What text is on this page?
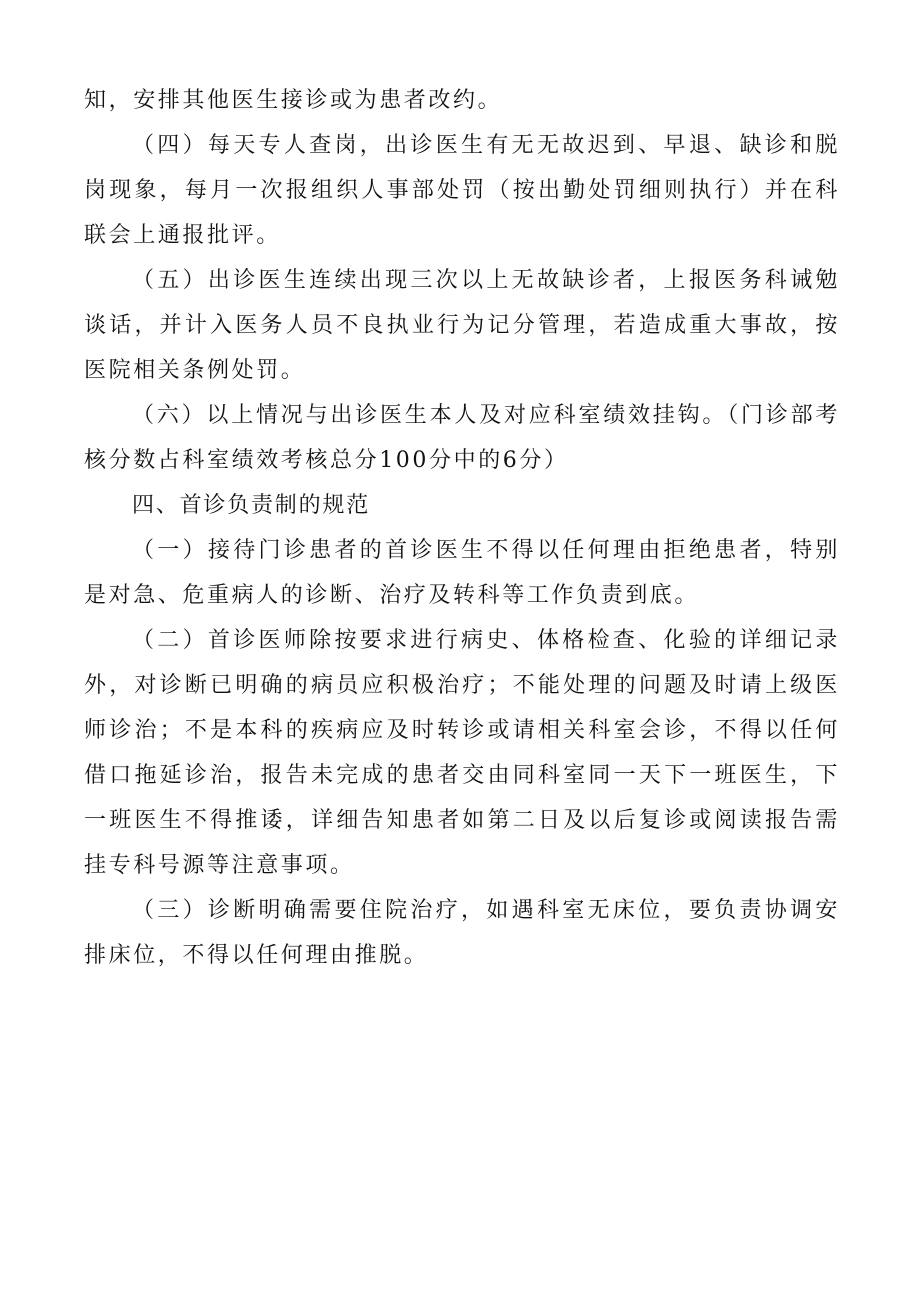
知，安排其他医生接诊或为患者改约。

（四）每天专人查岗，出诊医生有无无故迟到、早退、缺诊和脱岗现象，每月一次报组织人事部处罚（按出勤处罚细则执行）并在科联会上通报批评。

（五）出诊医生连续出现三次以上无故缺诊者，上报医务科诫勉谈话，并计入医务人员不良执业行为记分管理，若造成重大事故，按医院相关条例处罚。

（六）以上情况与出诊医生本人及对应科室绩效挂钩。（门诊部考核分数占科室绩效考核总分100分中的6分）

四、首诊负责制的规范

（一）接待门诊患者的首诊医生不得以任何理由拒绝患者，特别是对急、危重病人的诊断、治疗及转科等工作负责到底。

（二）首诊医师除按要求进行病史、体格检查、化验的详细记录外，对诊断已明确的病员应积极治疗；不能处理的问题及时请上级医师诊治；不是本科的疾病应及时转诊或请相关科室会诊，不得以任何借口拖延诊治，报告未完成的患者交由同科室同一天下一班医生，下一班医生不得推诿，详细告知患者如第二日及以后复诊或阅读报告需挂专科号源等注意事项。

（三）诊断明确需要住院治疗，如遇科室无床位，要负责协调安排床位，不得以任何理由推脱。
